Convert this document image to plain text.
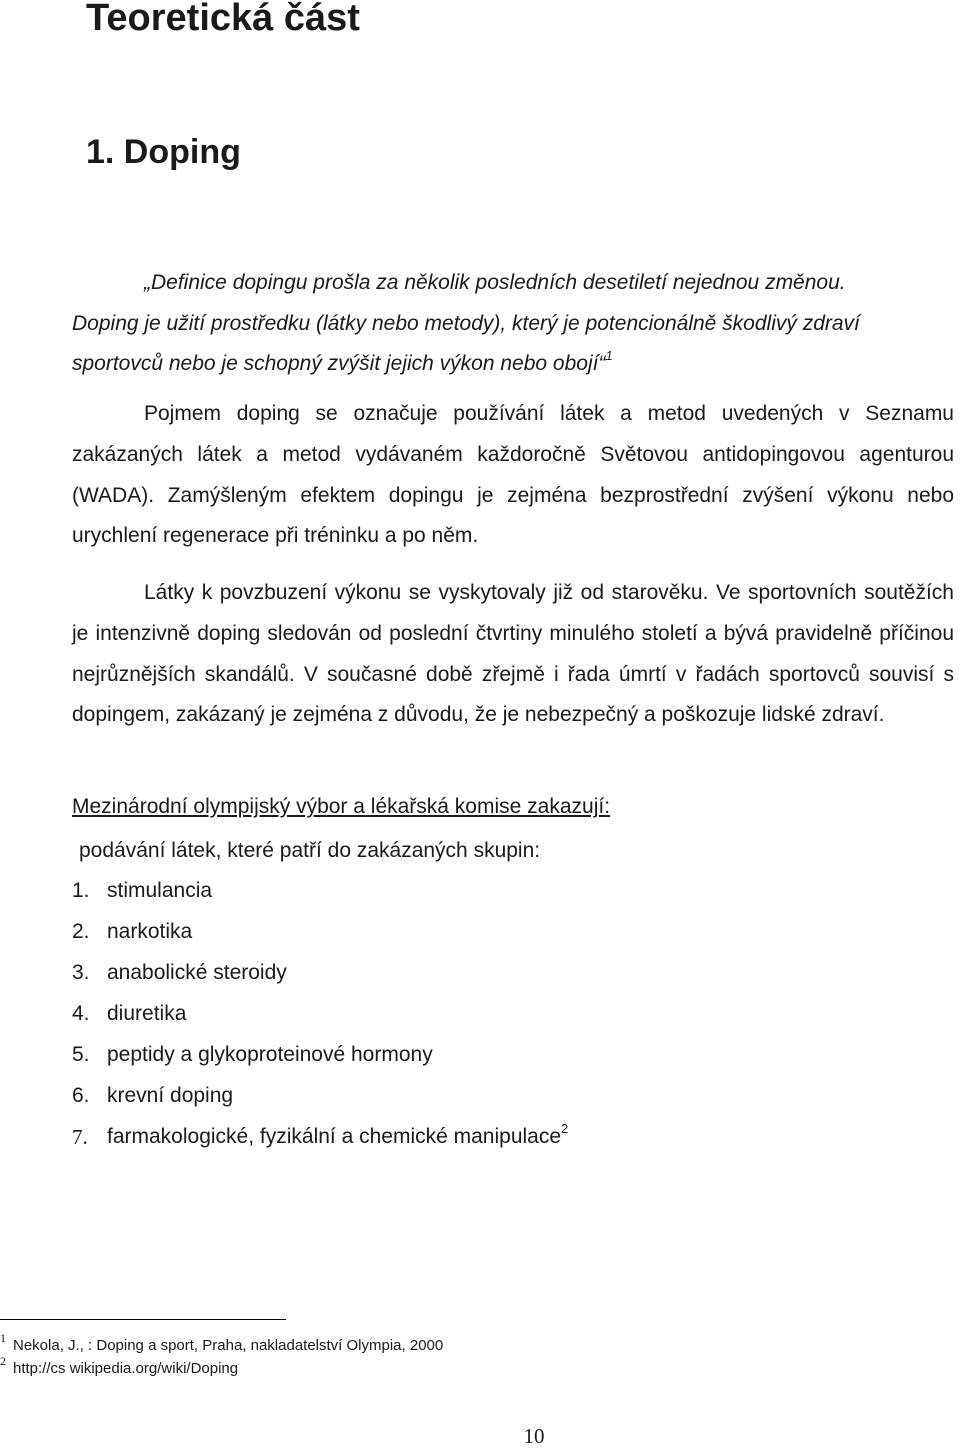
Teoretická část
1. Doping

„Definice dopingu prošla za několik posledních desetiletí nejednou změnou.
Doping je užití prostředku (látky nebo metody), který je potencionálně škodlivý zdraví sportovců nebo je schopný zvýšit jejich výkon nebo obojí“$^1$

Pojmem doping se označuje používání látek a metod uvedených v Seznamu zakázaných látek a metod vydávaném každoročně Světovou antidopingovou agenturou (WADA). Zamýšleným efektem dopingu je zejména bezprostřední zvýšení výkonu nebo urychlení regenerace při tréninku a po něm.

Látky k povzbuzení výkonu se vyskytovaly již od starověku. Ve sportovních soutěžích je intenzivně doping sledován od poslední čtvrtiny minulého století a bývá pravidelně příčinou nejrůznějších skandálů. V současné době zřejmě i řada úmrtí v řadách sportovců souvisí s dopingem, zakázaný je zejména z důvodu, že je nebezpečný a poškozuje lidské zdraví.

Mezinárodní olympijský výbor a lékařská komise zakazují:

podávání látek, které patří do zakázaných skupin:

1. stimulancia
2. narkotika
3. anabolické steroidy
4. diuretika
5. peptidy a glykoproteinové hormony
6. krevní doping
7. farmakologické, fyzikální a chemické manipulace$^2$

1 Nekola, J., : Doping a sport, Praha, nakladatelství Olympia, 2000

2 http://cs wikipedia.org/wiki/Doping

10
